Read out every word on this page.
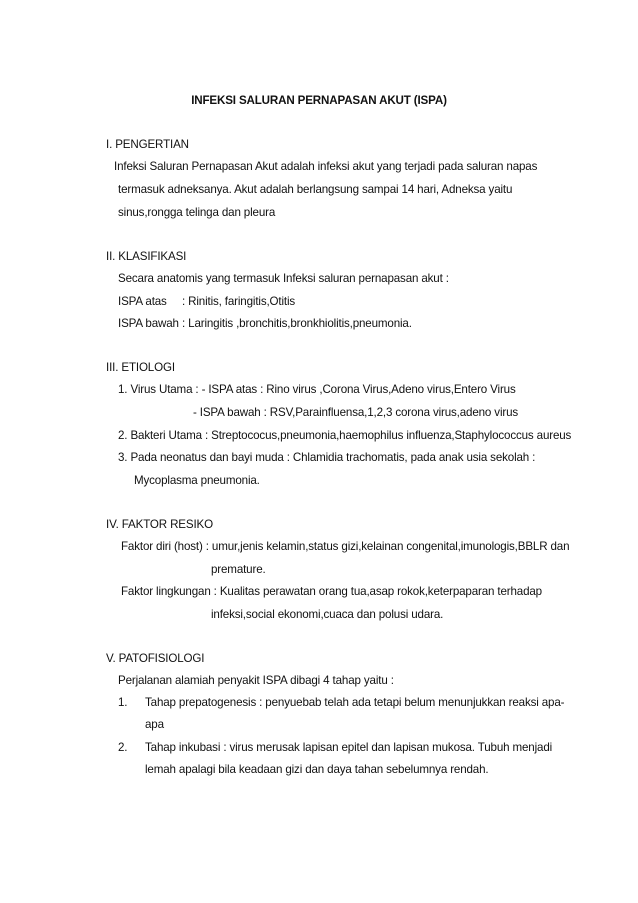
INFEKSI SALURAN PERNAPASAN AKUT (ISPA)
I. PENGERTIAN
Infeksi Saluran Pernapasan Akut adalah infeksi akut yang terjadi pada saluran napas
termasuk adneksanya. Akut adalah berlangsung sampai 14 hari, Adneksa yaitu
sinus,rongga telinga dan pleura
II. KLASIFIKASI
Secara anatomis yang termasuk Infeksi saluran pernapasan akut :
ISPA atas : Rinitis, faringitis,Otitis
ISPA bawah : Laringitis ,bronchitis,bronkhiolitis,pneumonia.
III. ETIOLOGI
1. Virus Utama : - ISPA atas : Rino virus ,Corona Virus,Adeno virus,Entero Virus
- ISPA bawah : RSV,Parainfluensa,1,2,3 corona virus,adeno virus
2. Bakteri Utama : Streptococus,pneumonia,haemophilus influenza,Staphylococcus aureus
3. Pada neonatus dan bayi muda : Chlamidia trachomatis, pada anak usia sekolah :
Mycoplasma pneumonia.
IV. FAKTOR RESIKO
Faktor diri (host) : umur,jenis kelamin,status gizi,kelainan congenital,imunologis,BBLR dan
premature.
Faktor lingkungan : Kualitas perawatan orang tua,asap rokok,keterpaparan terhadap
infeksi,social ekonomi,cuaca dan polusi udara.
V. PATOFISIOLOGI
Perjalanan alamiah penyakit ISPA dibagi 4 tahap yaitu :
1. Tahap prepatogenesis : penyuebab telah ada tetapi belum menunjukkan reaksi apa-
apa
2. Tahap inkubasi : virus merusak lapisan epitel dan lapisan mukosa. Tubuh menjadi
lemah apalagi bila keadaan gizi dan daya tahan sebelumnya rendah.
